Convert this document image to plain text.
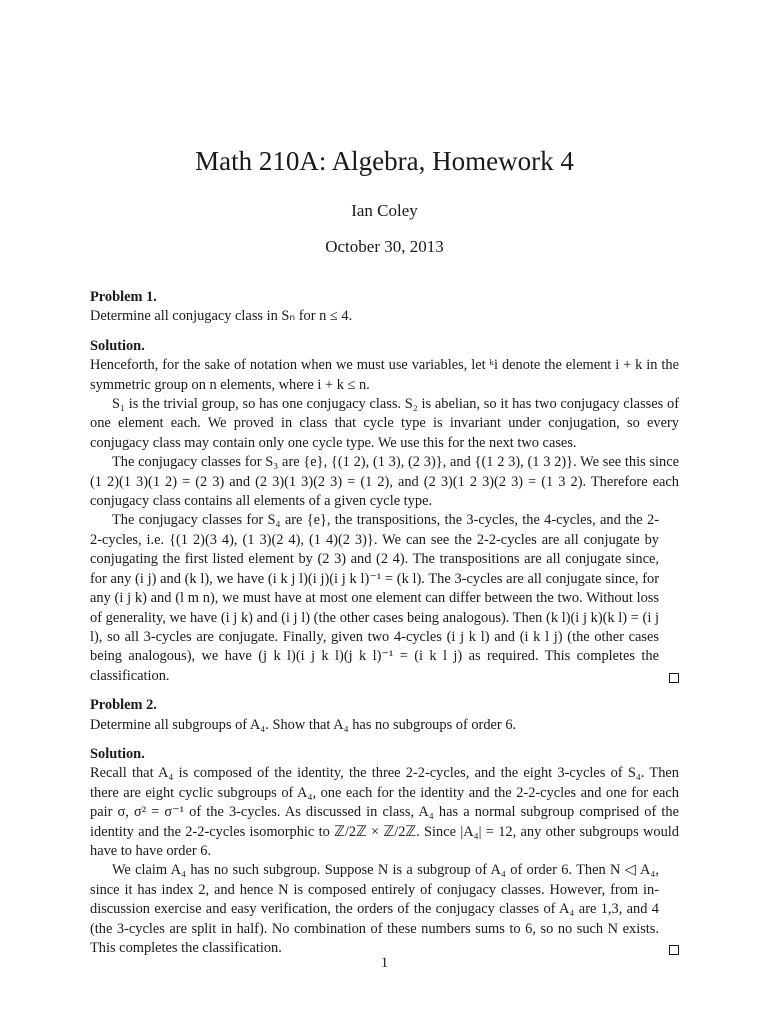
Math 210A: Algebra, Homework 4
Ian Coley
October 30, 2013

Problem 1.

Determine all conjugacy class in Sₙ for n ≤ 4.

Solution.

Henceforth, for the sake of notation when we must use variables, let ᵏi denote the element i + k in the symmetric group on n elements, where i + k ≤ n.

S₁ is the trivial group, so has one conjugacy class. S₂ is abelian, so it has two conjugacy classes of one element each. We proved in class that cycle type is invariant under conjugation, so every conjugacy class may contain only one cycle type. We use this for the next two cases.

The conjugacy classes for S₃ are {e}, {(1 2), (1 3), (2 3)}, and {(1 2 3), (1 3 2)}. We see this since (1 2)(1 3)(1 2) = (2 3) and (2 3)(1 3)(2 3) = (1 2), and (2 3)(1 2 3)(2 3) = (1 3 2). Therefore each conjugacy class contains all elements of a given cycle type.

The conjugacy classes for S₄ are {e}, the transpositions, the 3-cycles, the 4-cycles, and the 2-2-cycles, i.e. {(1 2)(3 4), (1 3)(2 4), (1 4)(2 3)}. We can see the 2-2-cycles are all conjugate by conjugating the first listed element by (2 3) and (2 4). The transpositions are all conjugate since, for any (i j) and (k l), we have (i k j l)(i j)(i j k l)⁻¹ = (k l). The 3-cycles are all conjugate since, for any (i j k) and (l m n), we must have at most one element can differ between the two. Without loss of generality, we have (i j k) and (i j l) (the other cases being analogous). Then (k l)(i j k)(k l) = (i j l), so all 3-cycles are conjugate. Finally, given two 4-cycles (i j k l) and (i k l j) (the other cases being analogous), we have (j k l)(i j k l)(j k l)⁻¹ = (i k l j) as required. This completes the classification.

Problem 2.

Determine all subgroups of A₄. Show that A₄ has no subgroups of order 6.

Solution.

Recall that A₄ is composed of the identity, the three 2-2-cycles, and the eight 3-cycles of S₄. Then there are eight cyclic subgroups of A₄, one each for the identity and the 2-2-cycles and one for each pair σ, σ² = σ⁻¹ of the 3-cycles. As discussed in class, A₄ has a normal subgroup comprised of the identity and the 2-2-cycles isomorphic to ℤ/2ℤ × ℤ/2ℤ. Since |A₄| = 12, any other subgroups would have to have order 6.

We claim A₄ has no such subgroup. Suppose N is a subgroup of A₄ of order 6. Then N ◁ A₄, since it has index 2, and hence N is composed entirely of conjugacy classes. However, from in-discussion exercise and easy verification, the orders of the conjugacy classes of A₄ are 1,3, and 4 (the 3-cycles are split in half). No combination of these numbers sums to 6, so no such N exists. This completes the classification.

1
